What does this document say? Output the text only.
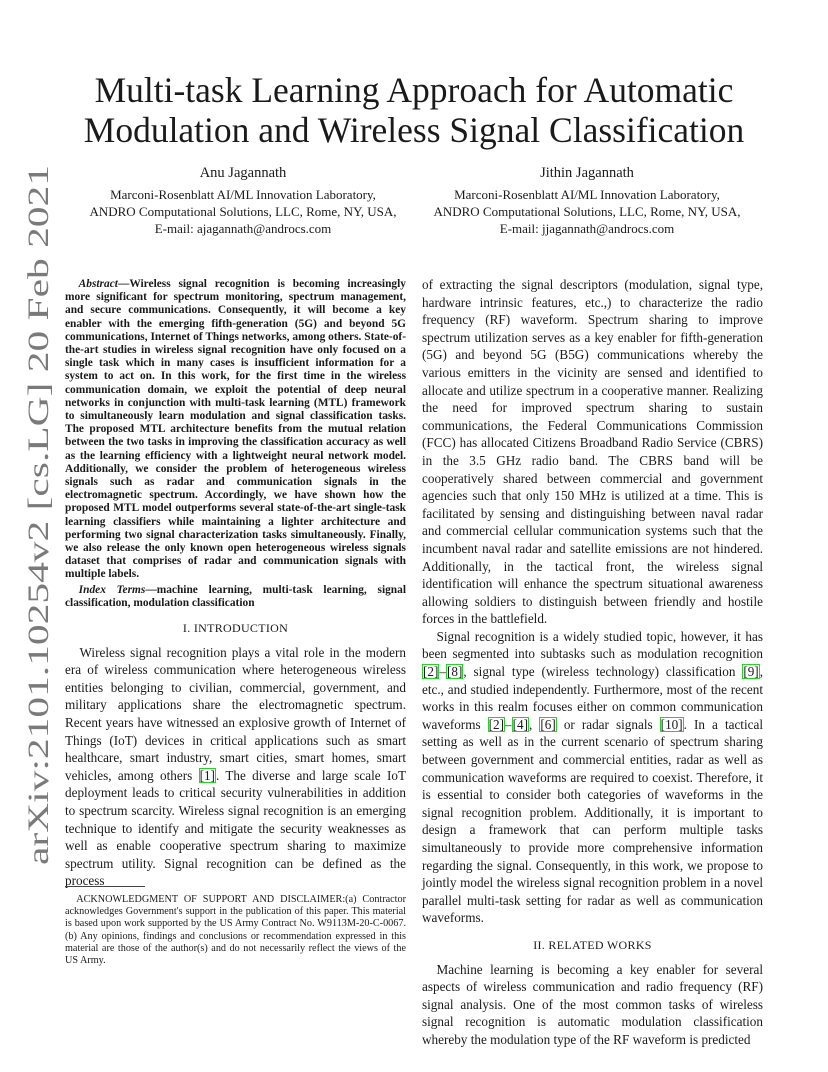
arXiv:2101.10254v2 [cs.LG] 20 Feb 2021
Multi-task Learning Approach for Automatic Modulation and Wireless Signal Classification
Anu Jagannath
Marconi-Rosenblatt AI/ML Innovation Laboratory,
ANDRO Computational Solutions, LLC, Rome, NY, USA,
E-mail: ajagannath@androcs.com
Jithin Jagannath
Marconi-Rosenblatt AI/ML Innovation Laboratory,
ANDRO Computational Solutions, LLC, Rome, NY, USA,
E-mail: jjagannath@androcs.com

Abstract—Wireless signal recognition is becoming increasingly more significant for spectrum monitoring, spectrum management, and secure communications. Consequently, it will become a key enabler with the emerging fifth-generation (5G) and beyond 5G communications, Internet of Things networks, among others. State-of-the-art studies in wireless signal recognition have only focused on a single task which in many cases is insufficient information for a system to act on. In this work, for the first time in the wireless communication domain, we exploit the potential of deep neural networks in conjunction with multi-task learning (MTL) framework to simultaneously learn modulation and signal classification tasks. The proposed MTL architecture benefits from the mutual relation between the two tasks in improving the classification accuracy as well as the learning efficiency with a lightweight neural network model. Additionally, we consider the problem of heterogeneous wireless signals such as radar and communication signals in the electromagnetic spectrum. Accordingly, we have shown how the proposed MTL model outperforms several state-of-the-art single-task learning classifiers while maintaining a lighter architecture and performing two signal characterization tasks simultaneously. Finally, we also release the only known open heterogeneous wireless signals dataset that comprises of radar and communication signals with multiple labels.

Index Terms—machine learning, multi-task learning, signal classification, modulation classification

I. INTRODUCTION

Wireless signal recognition plays a vital role in the modern era of wireless communication where heterogeneous wireless entities belonging to civilian, commercial, government, and military applications share the electromagnetic spectrum. Recent years have witnessed an explosive growth of Internet of Things (IoT) devices in critical applications such as smart healthcare, smart industry, smart cities, smart homes, smart vehicles, among others [1]. The diverse and large scale IoT deployment leads to critical security vulnerabilities in addition to spectrum scarcity. Wireless signal recognition is an emerging technique to identify and mitigate the security weaknesses as well as enable cooperative spectrum sharing to maximize spectrum utility. Signal recognition can be defined as the process

ACKNOWLEDGMENT OF SUPPORT AND DISCLAIMER:(a) Contractor acknowledges Government's support in the publication of this paper. This material is based upon work supported by the US Army Contract No. W9113M-20-C-0067. (b) Any opinions, findings and conclusions or recommendation expressed in this material are those of the author(s) and do not necessarily reflect the views of the US Army.

of extracting the signal descriptors (modulation, signal type, hardware intrinsic features, etc.,) to characterize the radio frequency (RF) waveform. Spectrum sharing to improve spectrum utilization serves as a key enabler for fifth-generation (5G) and beyond 5G (B5G) communications whereby the various emitters in the vicinity are sensed and identified to allocate and utilize spectrum in a cooperative manner. Realizing the need for improved spectrum sharing to sustain communications, the Federal Communications Commission (FCC) has allocated Citizens Broadband Radio Service (CBRS) in the 3.5 GHz radio band. The CBRS band will be cooperatively shared between commercial and government agencies such that only 150 MHz is utilized at a time. This is facilitated by sensing and distinguishing between naval radar and commercial cellular communication systems such that the incumbent naval radar and satellite emissions are not hindered. Additionally, in the tactical front, the wireless signal identification will enhance the spectrum situational awareness allowing soldiers to distinguish between friendly and hostile forces in the battlefield.

Signal recognition is a widely studied topic, however, it has been segmented into subtasks such as modulation recognition [2]–[8], signal type (wireless technology) classification [9], etc., and studied independently. Furthermore, most of the recent works in this realm focuses either on common communication waveforms [2]–[4], [6] or radar signals [10]. In a tactical setting as well as in the current scenario of spectrum sharing between government and commercial entities, radar as well as communication waveforms are required to coexist. Therefore, it is essential to consider both categories of waveforms in the signal recognition problem. Additionally, it is important to design a framework that can perform multiple tasks simultaneously to provide more comprehensive information regarding the signal. Consequently, in this work, we propose to jointly model the wireless signal recognition problem in a novel parallel multi-task setting for radar as well as communication waveforms.

II. RELATED WORKS

Machine learning is becoming a key enabler for several aspects of wireless communication and radio frequency (RF) signal analysis. One of the most common tasks of wireless signal recognition is automatic modulation classification whereby the modulation type of the RF waveform is predicted
